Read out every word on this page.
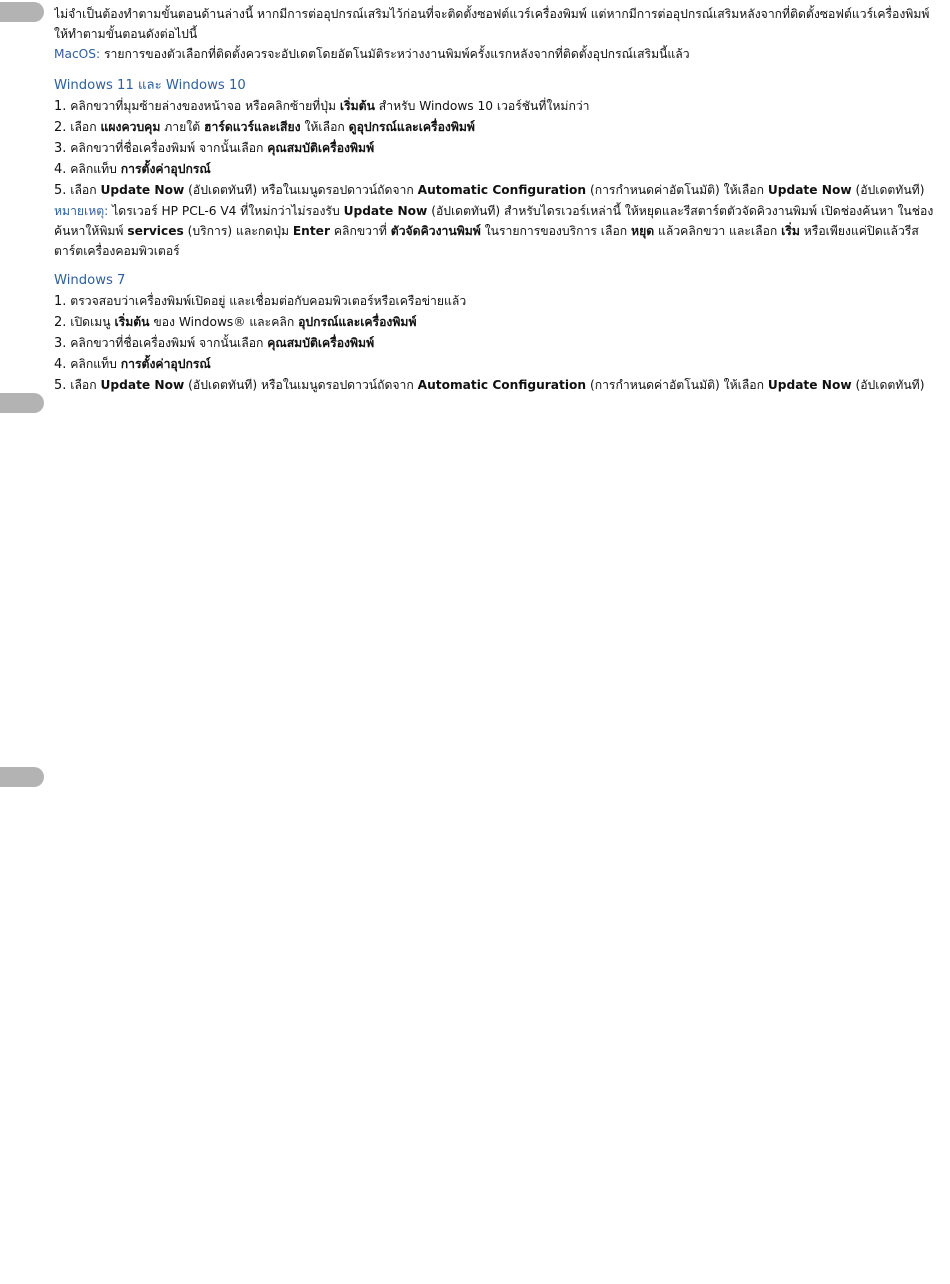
ไม่จำเป็นต้องทำตามขั้นตอนด้านล่างนี้ หากมีการต่ออุปกรณ์เสริมไว้ก่อนที่จะติดตั้งซอฟต์แวร์เครื่องพิมพ์ แต่หากมีการต่ออุปกรณ์เสริมหลังจากที่ติดตั้งซอฟต์แวร์เครื่องพิมพ์

ให้ทำตามขั้นตอนดังต่อไปนี้

MacOS: รายการของตัวเลือกที่ติดตั้งควรจะอัปเดตโดยอัตโนมัติระหว่างงานพิมพ์ครั้งแรกหลังจากที่ติดตั้งอุปกรณ์เสริมนี้แล้ว

Windows 11 และ Windows 10

1. คลิกขวาที่มุมซ้ายล่างของหน้าจอ หรือคลิกซ้ายที่ปุ่ม เริ่มต้น สำหรับ Windows 10 เวอร์ชันที่ใหม่กว่า

2. เลือก แผงควบคุม ภายใต้ ฮาร์ดแวร์และเสียง ให้เลือก ดูอุปกรณ์และเครื่องพิมพ์

3. คลิกขวาที่ชื่อเครื่องพิมพ์ จากนั้นเลือก คุณสมบัติเครื่องพิมพ์

4. คลิกแท็บ การตั้งค่าอุปกรณ์

5. เลือก Update Now (อัปเดตทันที) หรือในเมนูดรอปดาวน์ถัดจาก Automatic Configuration (การกำหนดค่าอัตโนมัติ) ให้เลือก Update Now (อัปเดตทันที)

หมายเหตุ: ไดรเวอร์ HP PCL-6 V4 ที่ใหม่กว่าไม่รองรับ Update Now (อัปเดตทันที) สำหรับไดรเวอร์เหล่านี้ ให้หยุดและรีสตาร์ตตัวจัดคิวงานพิมพ์ เปิดช่องค้นหา ในช่องค้นหาให้พิมพ์ services (บริการ) และกดปุ่ม Enter คลิกขวาที่ ตัวจัดคิวงานพิมพ์ ในรายการของบริการ เลือก หยุด แล้วคลิกขวา และเลือก เริ่ม หรือเพียงแค่ปิดแล้วรีสตาร์ตเครื่องคอมพิวเตอร์

Windows 7

1. ตรวจสอบว่าเครื่องพิมพ์เปิดอยู่ และเชื่อมต่อกับคอมพิวเตอร์หรือเครือข่ายแล้ว

2. เปิดเมนู เริ่มต้น ของ Windows® และคลิก อุปกรณ์และเครื่องพิมพ์

3. คลิกขวาที่ชื่อเครื่องพิมพ์ จากนั้นเลือก คุณสมบัติเครื่องพิมพ์

4. คลิกแท็บ การตั้งค่าอุปกรณ์

5. เลือก Update Now (อัปเดตทันที) หรือในเมนูดรอปดาวน์ถัดจาก Automatic Configuration (การกำหนดค่าอัตโนมัติ) ให้เลือก Update Now (อัปเดตทันที)
